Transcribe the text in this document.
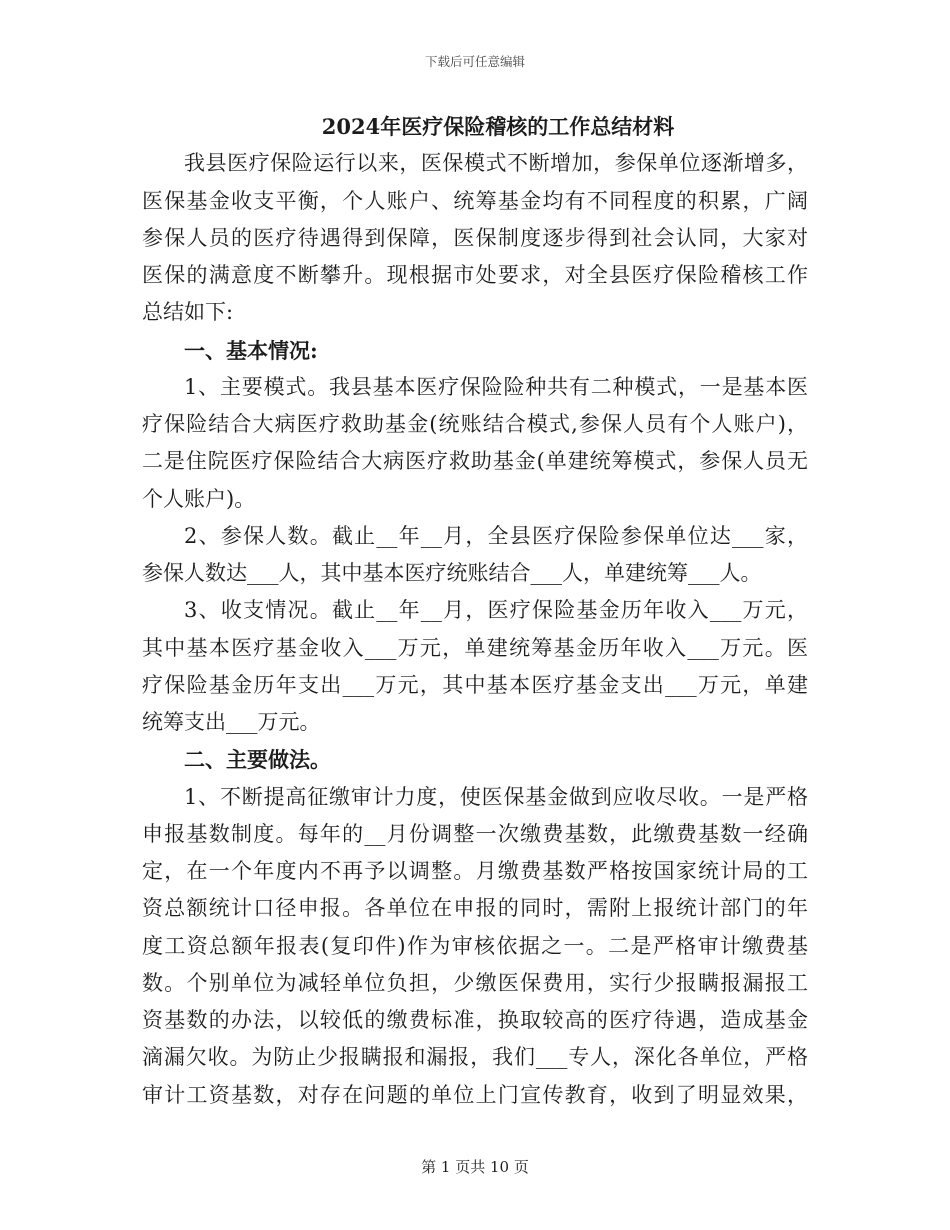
下载后可任意编辑
2024年医疗保险稽核的工作总结材料
我县医疗保险运行以来，医保模式不断增加，参保单位逐渐增多，
医保基金收支平衡，个人账户、统筹基金均有不同程度的积累，广阔
参保人员的医疗待遇得到保障，医保制度逐步得到社会认同，大家对
医保的满意度不断攀升。现根据市处要求，对全县医疗保险稽核工作
总结如下:
一、基本情况:
1、主要模式。我县基本医疗保险险种共有二种模式，一是基本医
疗保险结合大病医疗救助基金(统账结合模式,参保人员有个人账户)，
二是住院医疗保险结合大病医疗救助基金(单建统筹模式，参保人员无
个人账户)。
2、参保人数。截止__年__月，全县医疗保险参保单位达___家，
参保人数达___人，其中基本医疗统账结合___人，单建统筹___人。
3、收支情况。截止__年__月，医疗保险基金历年收入___万元，
其中基本医疗基金收入___万元，单建统筹基金历年收入___万元。医
疗保险基金历年支出___万元，其中基本医疗基金支出___万元，单建
统筹支出___万元。
二、主要做法。
1、不断提高征缴审计力度，使医保基金做到应收尽收。一是严格
申报基数制度。每年的__月份调整一次缴费基数，此缴费基数一经确
定，在一个年度内不再予以调整。月缴费基数严格按国家统计局的工
资总额统计口径申报。各单位在申报的同时，需附上报统计部门的年
度工资总额年报表(复印件)作为审核依据之一。二是严格审计缴费基
数。个别单位为减轻单位负担，少缴医保费用，实行少报瞒报漏报工
资基数的办法，以较低的缴费标准，换取较高的医疗待遇，造成基金
滴漏欠收。为防止少报瞒报和漏报，我们___专人，深化各单位，严格
审计工资基数，对存在问题的单位上门宣传教育，收到了明显效果，
第 1 页共 10 页
